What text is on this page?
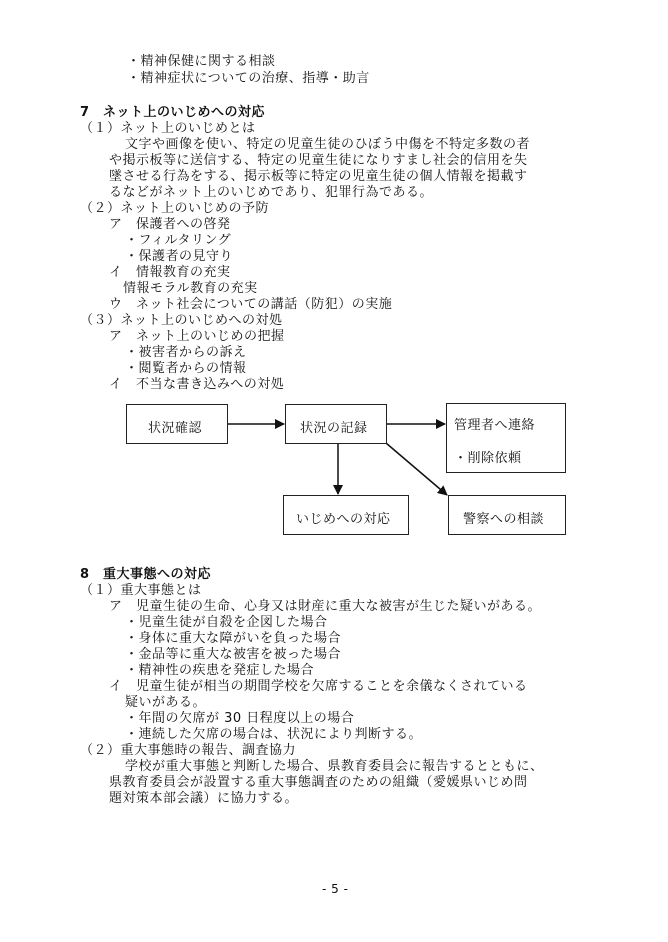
・精神保健に関する相談
・精神症状についての治療、指導・助言
7　ネット上のいじめへの対応
（１）ネット上のいじめとは
文字や画像を使い、特定の児童生徒のひぼう中傷を不特定多数の者
や掲示板等に送信する、特定の児童生徒になりすまし社会的信用を失
墜させる行為をする、掲示板等に特定の児童生徒の個人情報を掲載す
るなどがネット上のいじめであり、犯罪行為である。
（２）ネット上のいじめの予防
ア　保護者への啓発
・フィルタリング
・保護者の見守り
イ　情報教育の充実
情報モラル教育の充実
ウ　ネット社会についての講話（防犯）の実施
（３）ネット上のいじめへの対処
ア　ネット上のいじめの把握
・被害者からの訴え
・閲覧者からの情報
イ　不当な書き込みへの対処
状況確認	状況の記録	管理者へ連絡
・削除依頼
いじめへの対応	警察への相談
8　重大事態への対応
（１）重大事態とは
ア　児童生徒の生命、心身又は財産に重大な被害が生じた疑いがある。
・児童生徒が自殺を企図した場合
・身体に重大な障がいを負った場合
・金品等に重大な被害を被った場合
・精神性の疾患を発症した場合
イ　児童生徒が相当の期間学校を欠席することを余儀なくされている
疑いがある。
・年間の欠席が 30 日程度以上の場合
・連続した欠席の場合は、状況により判断する。
（２）重大事態時の報告、調査協力
学校が重大事態と判断した場合、県教育委員会に報告するとともに、
県教育委員会が設置する重大事態調査のための組織（愛媛県いじめ問
題対策本部会議）に協力する。
- 5 -
